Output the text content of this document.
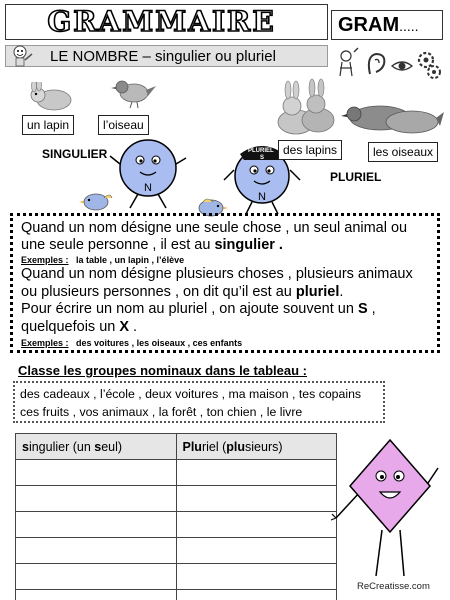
GRAMMAIRE	GRAM.....
LE NOMBRE – singulier ou pluriel
un lapin	l’oiseau
SINGULIER
N
PLURIEL
S
N
des lapins	les oiseaux
PLURIEL
Quand un nom désigne une seule chose , un seul animal ou
une seule personne , il est au singulier .
Exemples : la table , un lapin , l’élève
Quand un nom désigne plusieurs choses , plusieurs animaux
ou plusieurs personnes , on dit qu’il est au pluriel.
Pour écrire un nom au pluriel , on ajoute souvent un S ,
quelquefois un X .
Exemples : des voitures , les oiseaux , ces enfants
Classe les groupes nominaux dans le tableau :
des cadeaux , l’école , deux voitures , ma maison , tes copains
ces fruits , vos animaux , la forêt , ton chien , le livre
singulier (un seul)	Pluriel (plusieurs)

ReCreatisse.com
